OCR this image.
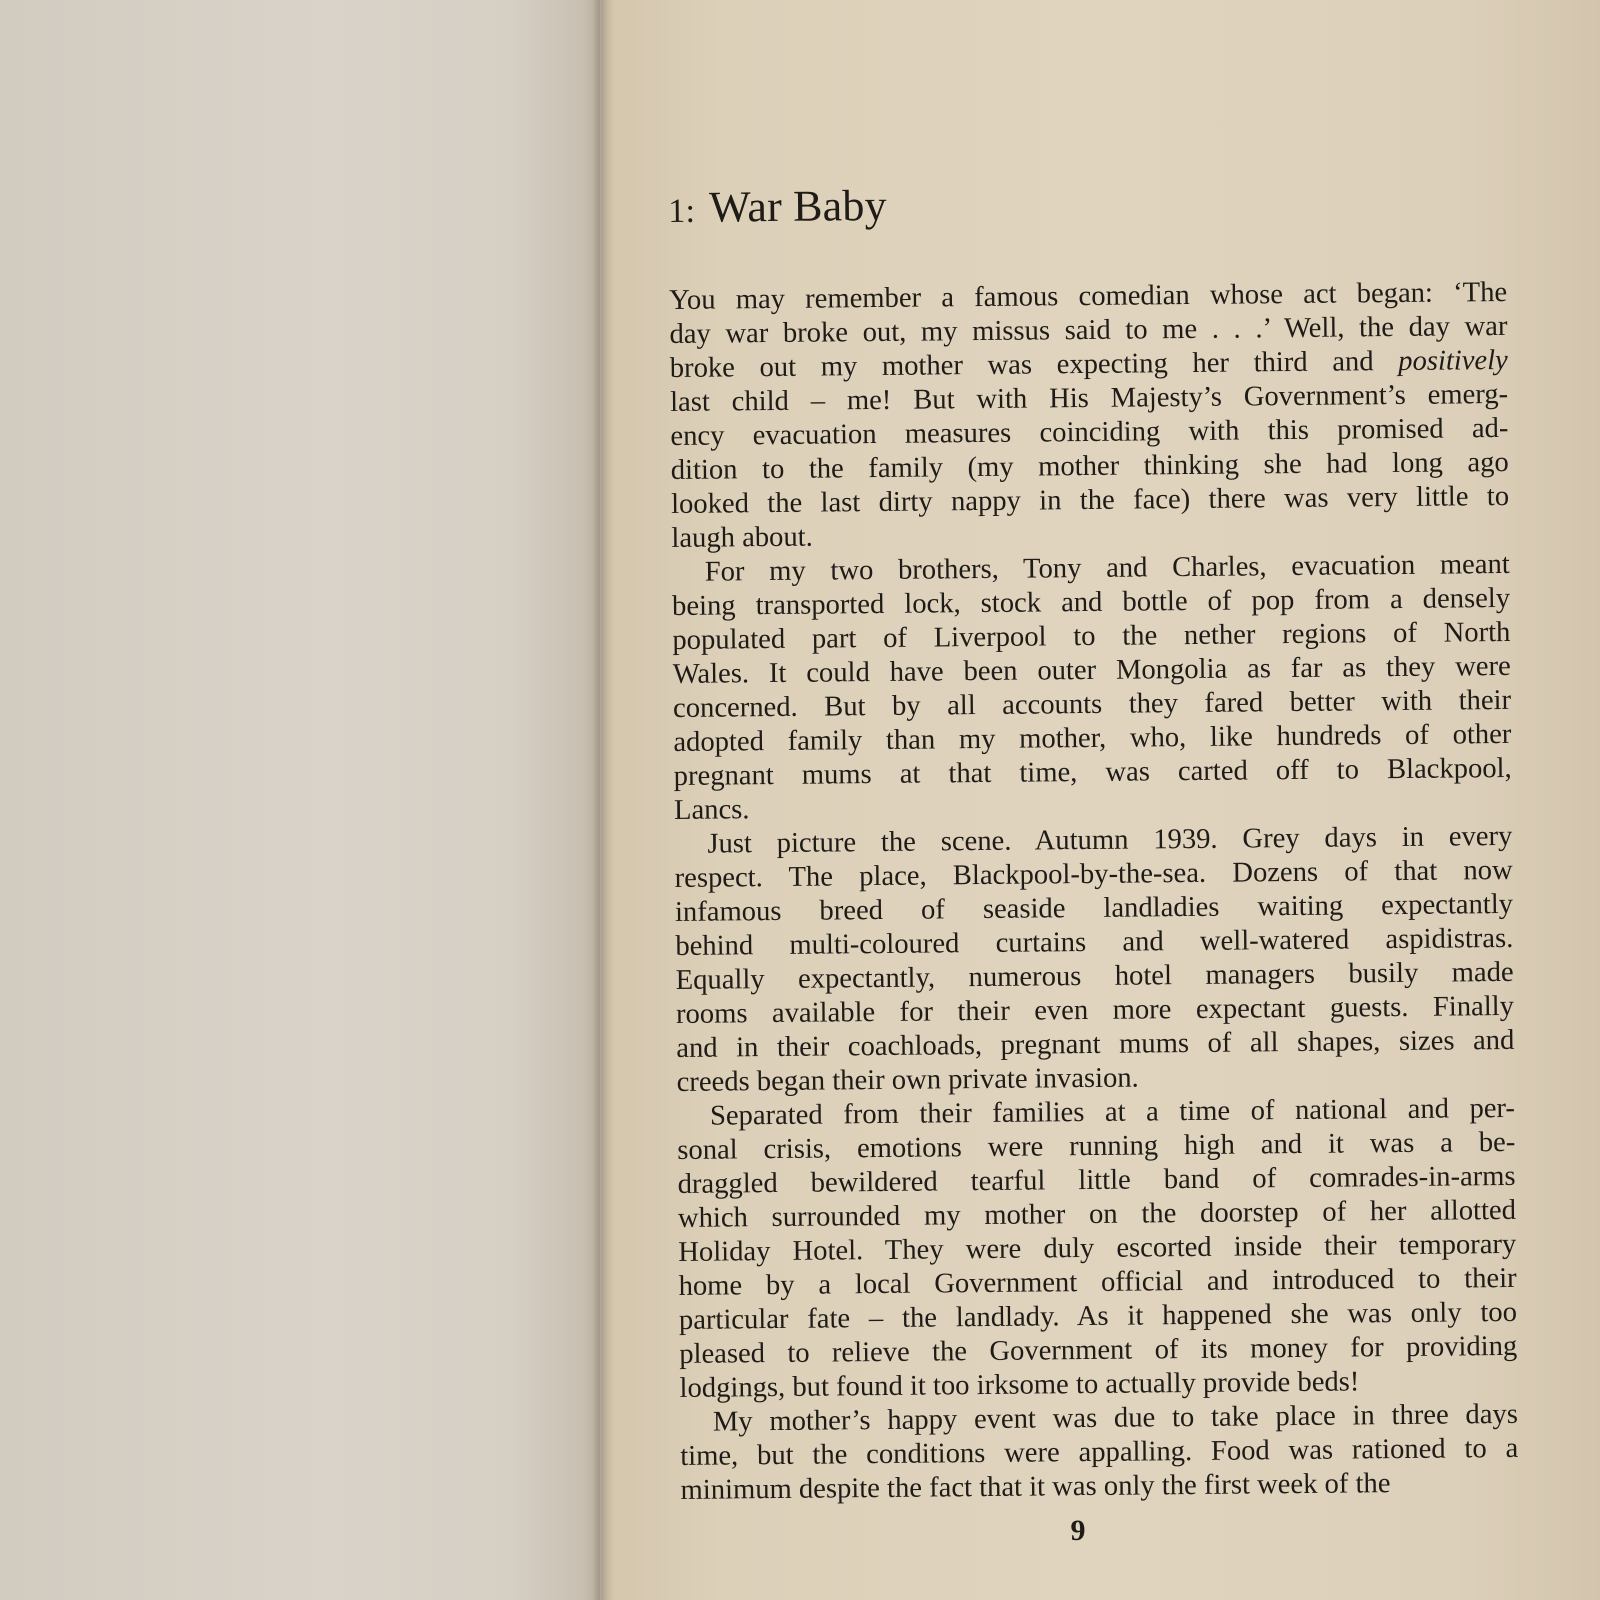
1: War Baby
You may remember a famous comedian whose act began: ‘The
day war broke out, my missus said to me . . .’ Well, the day war
broke out my mother was expecting her third and positively
last child – me! But with His Majesty’s Government’s emerg-
ency evacuation measures coinciding with this promised ad-
dition to the family (my mother thinking she had long ago
looked the last dirty nappy in the face) there was very little to
laugh about.
For my two brothers, Tony and Charles, evacuation meant
being transported lock, stock and bottle of pop from a densely
populated part of Liverpool to the nether regions of North
Wales. It could have been outer Mongolia as far as they were
concerned. But by all accounts they fared better with their
adopted family than my mother, who, like hundreds of other
pregnant mums at that time, was carted off to Blackpool,
Lancs.
Just picture the scene. Autumn 1939. Grey days in every
respect. The place, Blackpool-by-the-sea. Dozens of that now
infamous breed of seaside landladies waiting expectantly
behind multi-coloured curtains and well-watered aspidistras.
Equally expectantly, numerous hotel managers busily made
rooms available for their even more expectant guests. Finally
and in their coachloads, pregnant mums of all shapes, sizes and
creeds began their own private invasion.
Separated from their families at a time of national and per-
sonal crisis, emotions were running high and it was a be-
draggled bewildered tearful little band of comrades-in-arms
which surrounded my mother on the doorstep of her allotted
Holiday Hotel. They were duly escorted inside their temporary
home by a local Government official and introduced to their
particular fate – the landlady. As it happened she was only too
pleased to relieve the Government of its money for providing
lodgings, but found it too irksome to actually provide beds!
My mother’s happy event was due to take place in three days
time, but the conditions were appalling. Food was rationed to a
minimum despite the fact that it was only the first week of the
9
